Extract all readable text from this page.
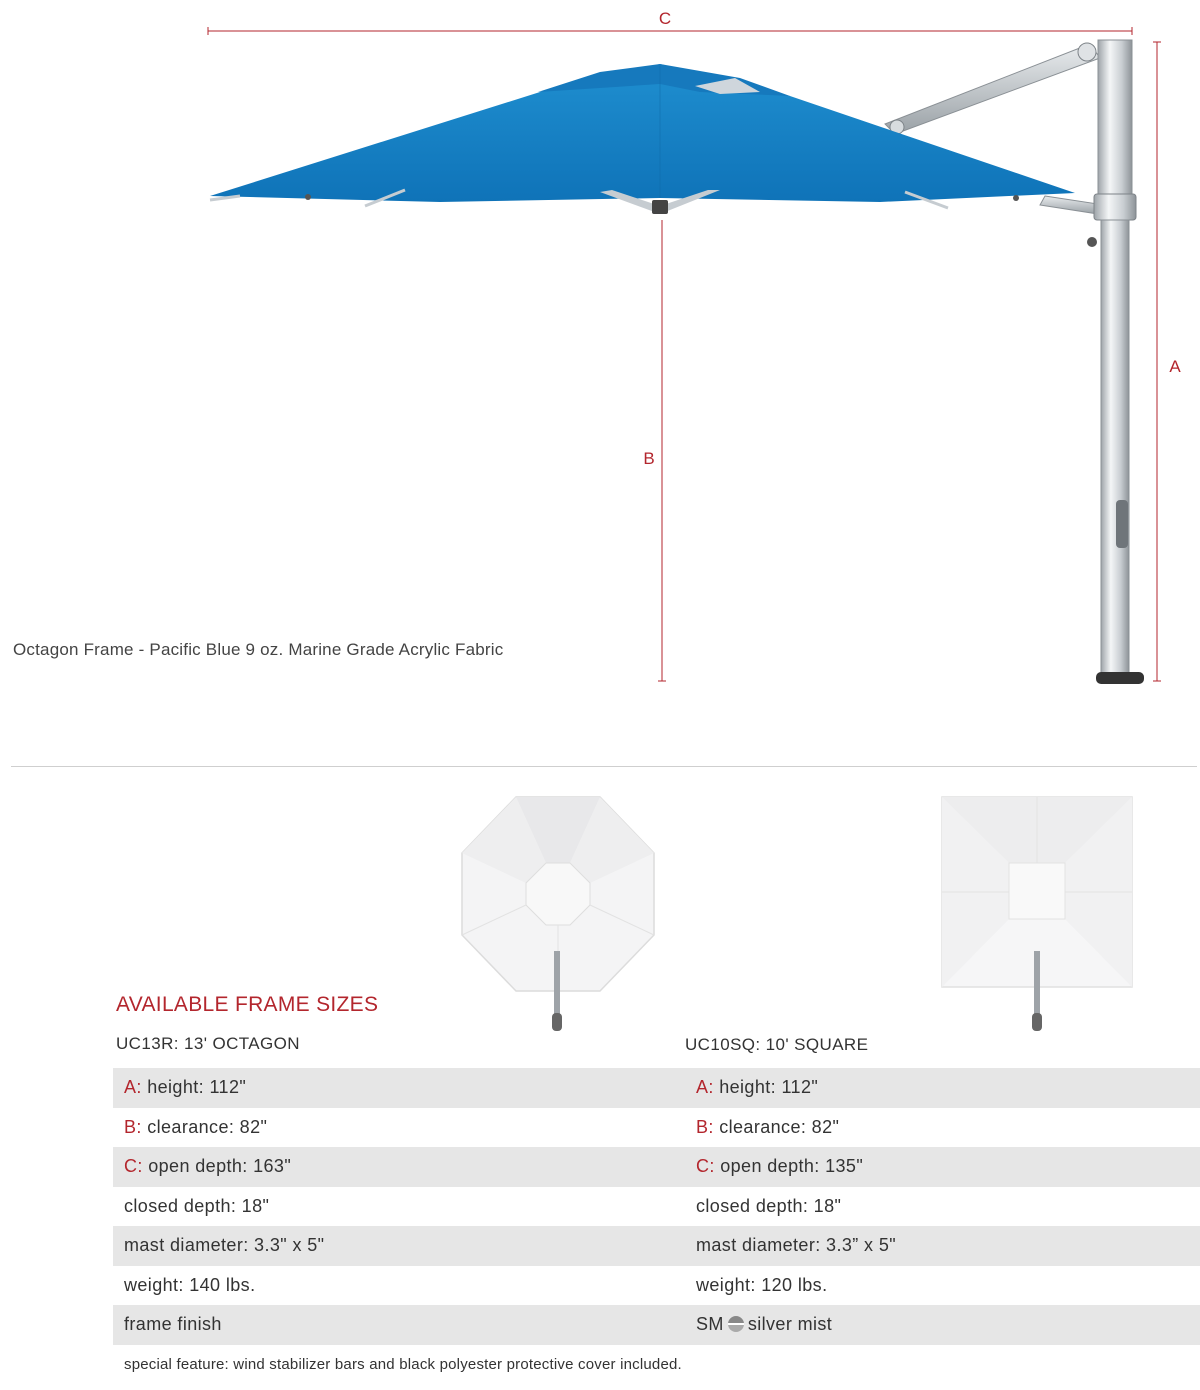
C
A
B
Octagon Frame - Pacific Blue 9 oz. Marine Grade Acrylic Fabric
AVAILABLE FRAME SIZES
UC13R: 13' OCTAGON	UC10SQ: 10' SQUARE
A: height: 112"	A: height: 112"
B: clearance: 82"	B: clearance: 82"
C: open depth: 163"	C: open depth: 135"
closed depth: 18"	closed depth: 18"
mast diameter: 3.3" x 5"	mast diameter: 3.3” x 5"
weight: 140 lbs.	weight: 120 lbs.
frame finish	SM silver mist
special feature: wind stabilizer bars and black polyester protective cover included.
